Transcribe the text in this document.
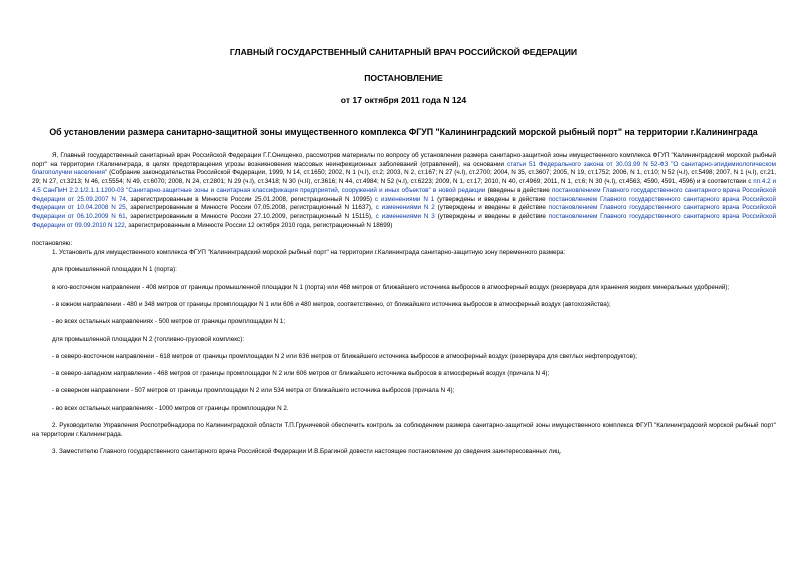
ГЛАВНЫЙ ГОСУДАРСТВЕННЫЙ САНИТАРНЫЙ ВРАЧ РОССИЙСКОЙ ФЕДЕРАЦИИ

ПОСТАНОВЛЕНИЕ

от 17 октября 2011 года N 124

Об установлении размера санитарно-защитной зоны имущественного комплекса ФГУП "Калининградский морской рыбный порт" на территории г.Калининграда

Я, Главный государственный санитарный врач Российской Федерации Г.Г.Онищенко, рассмотрев материалы по вопросу об установлении размера санитарно-защитной зоны имущественного комплекса ФГУП "Калининградский морской рыбный порт" на территории г.Калининграда, в целях предотвращения угрозы возникновения массовых неинфекционных заболеваний (отравлений), на основании статьи 51 Федерального закона от 30.03.99 N 52-ФЗ "О санитарно-эпидемиологическом благополучии населения" (Собрание законодательства Российской Федерации, 1999, N 14, ст.1650; 2002, N 1 (ч.I), ст.2; 2003, N 2, ст.167; N 27 (ч.I), ст.2700; 2004, N 35, ст.3607; 2005, N 19, ст.1752; 2006, N 1, ст.10; N 52 (ч.I), ст.5498; 2007, N 1 (ч.I), ст.21, 29; N 27, ст.3213; N 46, ст.5554; N 49, ст.6070; 2008, N 24, ст.2801; N 29 (ч.I), ст.3418; N 30 (ч.II), ст.3616; N 44, ст.4984; N 52 (ч.I), ст.6223; 2009, N 1, ст.17; 2010, N 40, ст.4969; 2011, N 1, ст.6; N 30 (ч.I), ст.4563, 4590, 4591, 4596) и в соответствии с пп.4.2 и 4.5 СанПиН 2.2.1/2.1.1.1200-03 "Санитарно-защитные зоны и санитарная классификация предприятий, сооружений и иных объектов" в новой редакции (введены в действие постановлением Главного государственного санитарного врача Российской Федерации от 25.09.2007 N 74, зарегистрированным в Минюсте России 25.01.2008, регистрационный N 10995) с изменениями N 1 (утверждены и введены в действие постановлением Главного государственного санитарного врача Российской Федерации от 10.04.2008 N 25, зарегистрированным в Минюсте России 07.05.2008, регистрационный N 11637), с изменениями N 2 (утверждены и введены в действие постановлением Главного государственного санитарного врача Российской Федерации от 06.10.2009 N 61, зарегистрированным в Минюсте России 27.10.2009, регистрационный N 15115), с изменениями N 3 (утверждены и введены в действие постановлением Главного государственного санитарного врача Российской Федерации от 09.09.2010 N 122, зарегистрированным в Минюсте России 12 октября 2010 года, регистрационный N 18699)

постановляю:

1. Установить для имущественного комплекса ФГУП "Калининградский морской рыбный порт" на территории г.Калининграда санитарно-защитную зону переменного размера:

для промышленной площадки N 1 (порта):

в юго-восточном направлении - 408 метров от границы промышленной площадки N 1 (порта) или 468 метров от ближайшего источника выбросов в атмосферный воздух (резервуара для хранения жидких минеральных удобрений);

- в южном направлении - 480 и 348 метров от границы промплощадки N 1 или 606 и 480 метров, соответственно, от ближайшего источника выбросов в атмосферный воздух (автохозяйства);

- во всех остальных направлениях - 500 метров от границы промплощадки N 1;

для промышленной площадки N 2 (топливно-грузовой комплекс):

- в северо-восточном направлении - 618 метров от границы промплощадки N 2 или 636 метров от ближайшего источника выбросов в атмосферный воздух (резервуара для светлых нефтепродуктов);

- в северо-западном направлении - 468 метров от границы промплощадки N 2 или 606 метров от ближайшего источника выбросов в атмосферный воздух (причала N 4);

- в северном направлении - 507 метров от границы промплощадки N 2 или 534 метра от ближайшего источника выбросов (причала N 4);

- во всех остальных направлениях - 1000 метров от границы промплощадки N 2.

2. Руководителю Управления Роспотребнадзора по Калининградской области Т.П.Груничевой обеспечить контроль за соблюдением размера санитарно-защитной зоны имущественного комплекса ФГУП "Калининградский морской рыбный порт" на территории г.Калининграда.

3. Заместителю Главного государственного санитарного врача Российской Федерации И.В.Брагиной довести настоящее постановление до сведения заинтересованных лиц.
